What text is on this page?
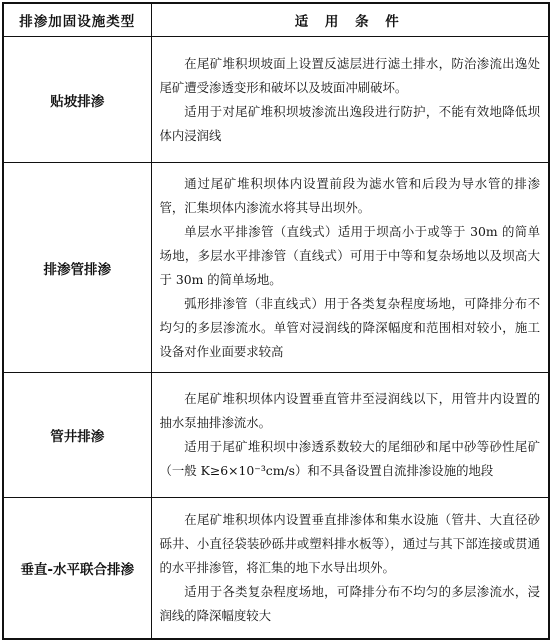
排渗加固设施类型	适 用 条 件
贴坡排渗	在尾矿堆积坝坡面上设置反滤层进行滤土排水，防治渗流出逸处尾矿遭受渗透变形和破坏以及坡面冲刷破坏。

适用于对尾矿堆积坝坡渗流出逸段进行防护，不能有效地降低坝体内浸润线

排渗管排渗	通过尾矿堆积坝体内设置前段为滤水管和后段为导水管的排渗管，汇集坝体内渗流水将其导出坝外。

单层水平排渗管（直线式）适用于坝高小于或等于 30m 的简单场地，多层水平排渗管（直线式）可用于中等和复杂场地以及坝高大于 30m 的简单场地。

弧形排渗管（非直线式）用于各类复杂程度场地，可降排分布不均匀的多层渗流水。单管对浸润线的降深幅度和范围相对较小，施工设备对作业面要求较高

管井排渗	在尾矿堆积坝体内设置垂直管井至浸润线以下，用管井内设置的抽水泵抽排渗流水。

适用于尾矿堆积坝中渗透系数较大的尾细砂和尾中砂等砂性尾矿（一般 K≥6×10⁻³cm/s）和不具备设置自流排渗设施的地段

垂直-水平联合排渗	在尾矿堆积坝体内设置垂直排渗体和集水设施（管井、大直径砂砾井、小直径袋装砂砾井或塑料排水板等），通过与其下部连接或贯通的水平排渗管，将汇集的地下水导出坝外。

适用于各类复杂程度场地，可降排分布不均匀的多层渗流水，浸润线的降深幅度较大
